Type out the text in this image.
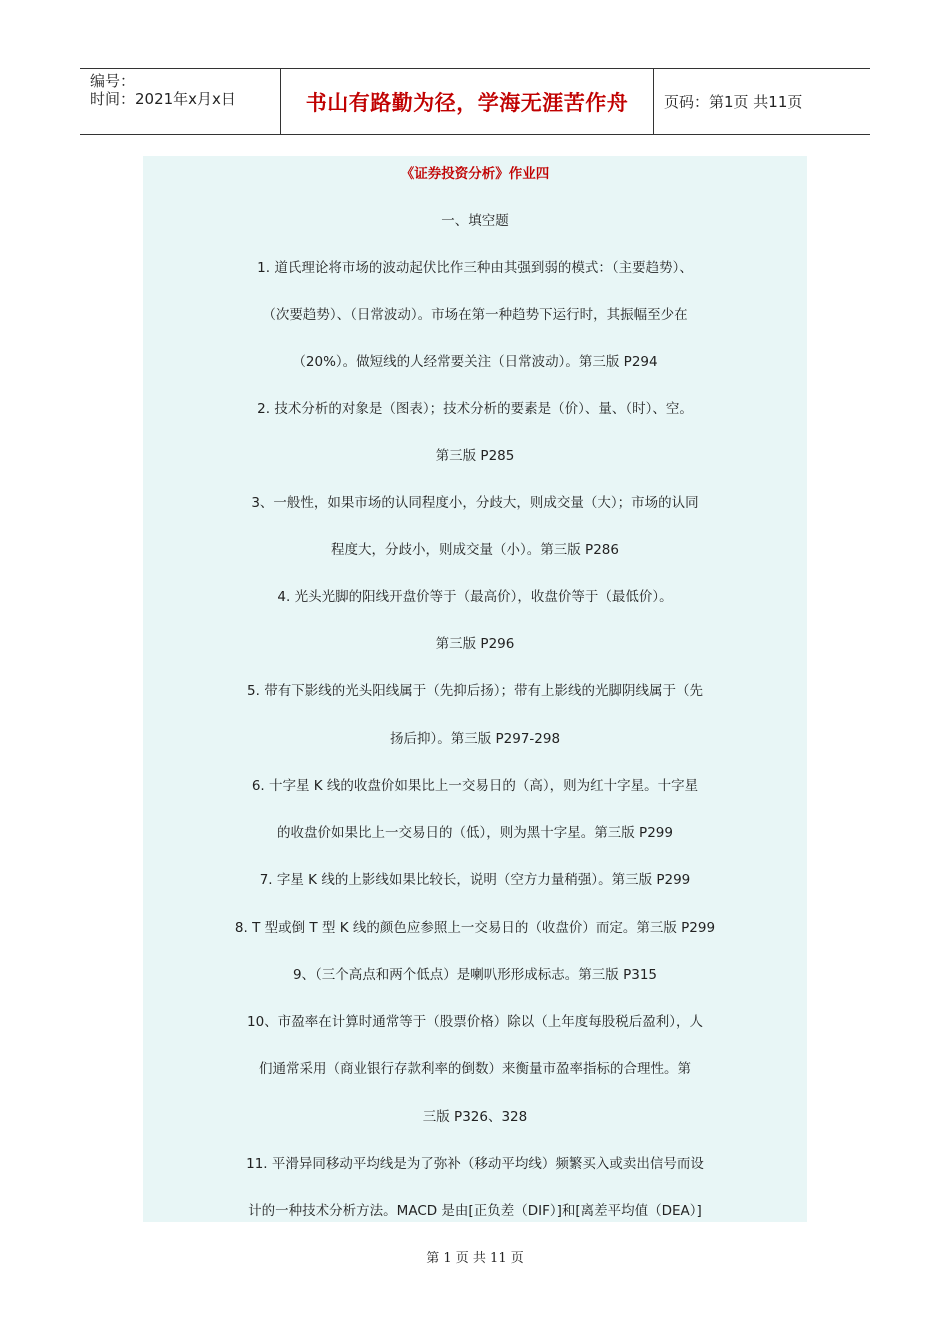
编号：
时间：2021年x月x日	书山有路勤为径，学海无涯苦作舟	页码：第1页 共11页
《证券投资分析》作业四
一、填空题
1. 道氏理论将市场的波动起伏比作三种由其强到弱的模式：（主要趋势）、
（次要趋势）、（日常波动）。市场在第一种趋势下运行时，其振幅至少在
（20%）。做短线的人经常要关注（日常波动）。第三版 P294
2. 技术分析的对象是（图表）；技术分析的要素是（价）、量、（时）、空。
第三版 P285
3、一般性，如果市场的认同程度小，分歧大，则成交量（大）；市场的认同
程度大，分歧小，则成交量（小）。第三版 P286
4. 光头光脚的阳线开盘价等于（最高价），收盘价等于（最低价）。
第三版 P296
5. 带有下影线的光头阳线属于（先抑后扬）；带有上影线的光脚阴线属于（先
扬后抑）。第三版 P297-298
6. 十字星 K 线的收盘价如果比上一交易日的（高），则为红十字星。十字星
的收盘价如果比上一交易日的（低），则为黑十字星。第三版 P299
7. 字星 K 线的上影线如果比较长，说明（空方力量稍强）。第三版 P299
8. T 型或倒 T 型 K 线的颜色应参照上一交易日的（收盘价）而定。第三版 P299
9、（三个高点和两个低点）是喇叭形形成标志。第三版 P315
10、市盈率在计算时通常等于（股票价格）除以（上年度每股税后盈利），人
们通常采用（商业银行存款利率的倒数）来衡量市盈率指标的合理性。第
三版 P326、328
11. 平滑异同移动平均线是为了弥补（移动平均线）频繁买入或卖出信号而设
计的一种技术分析方法。MACD 是由[正负差（DIF）]和[离差平均值（DEA）]
第 1 页 共 11 页
